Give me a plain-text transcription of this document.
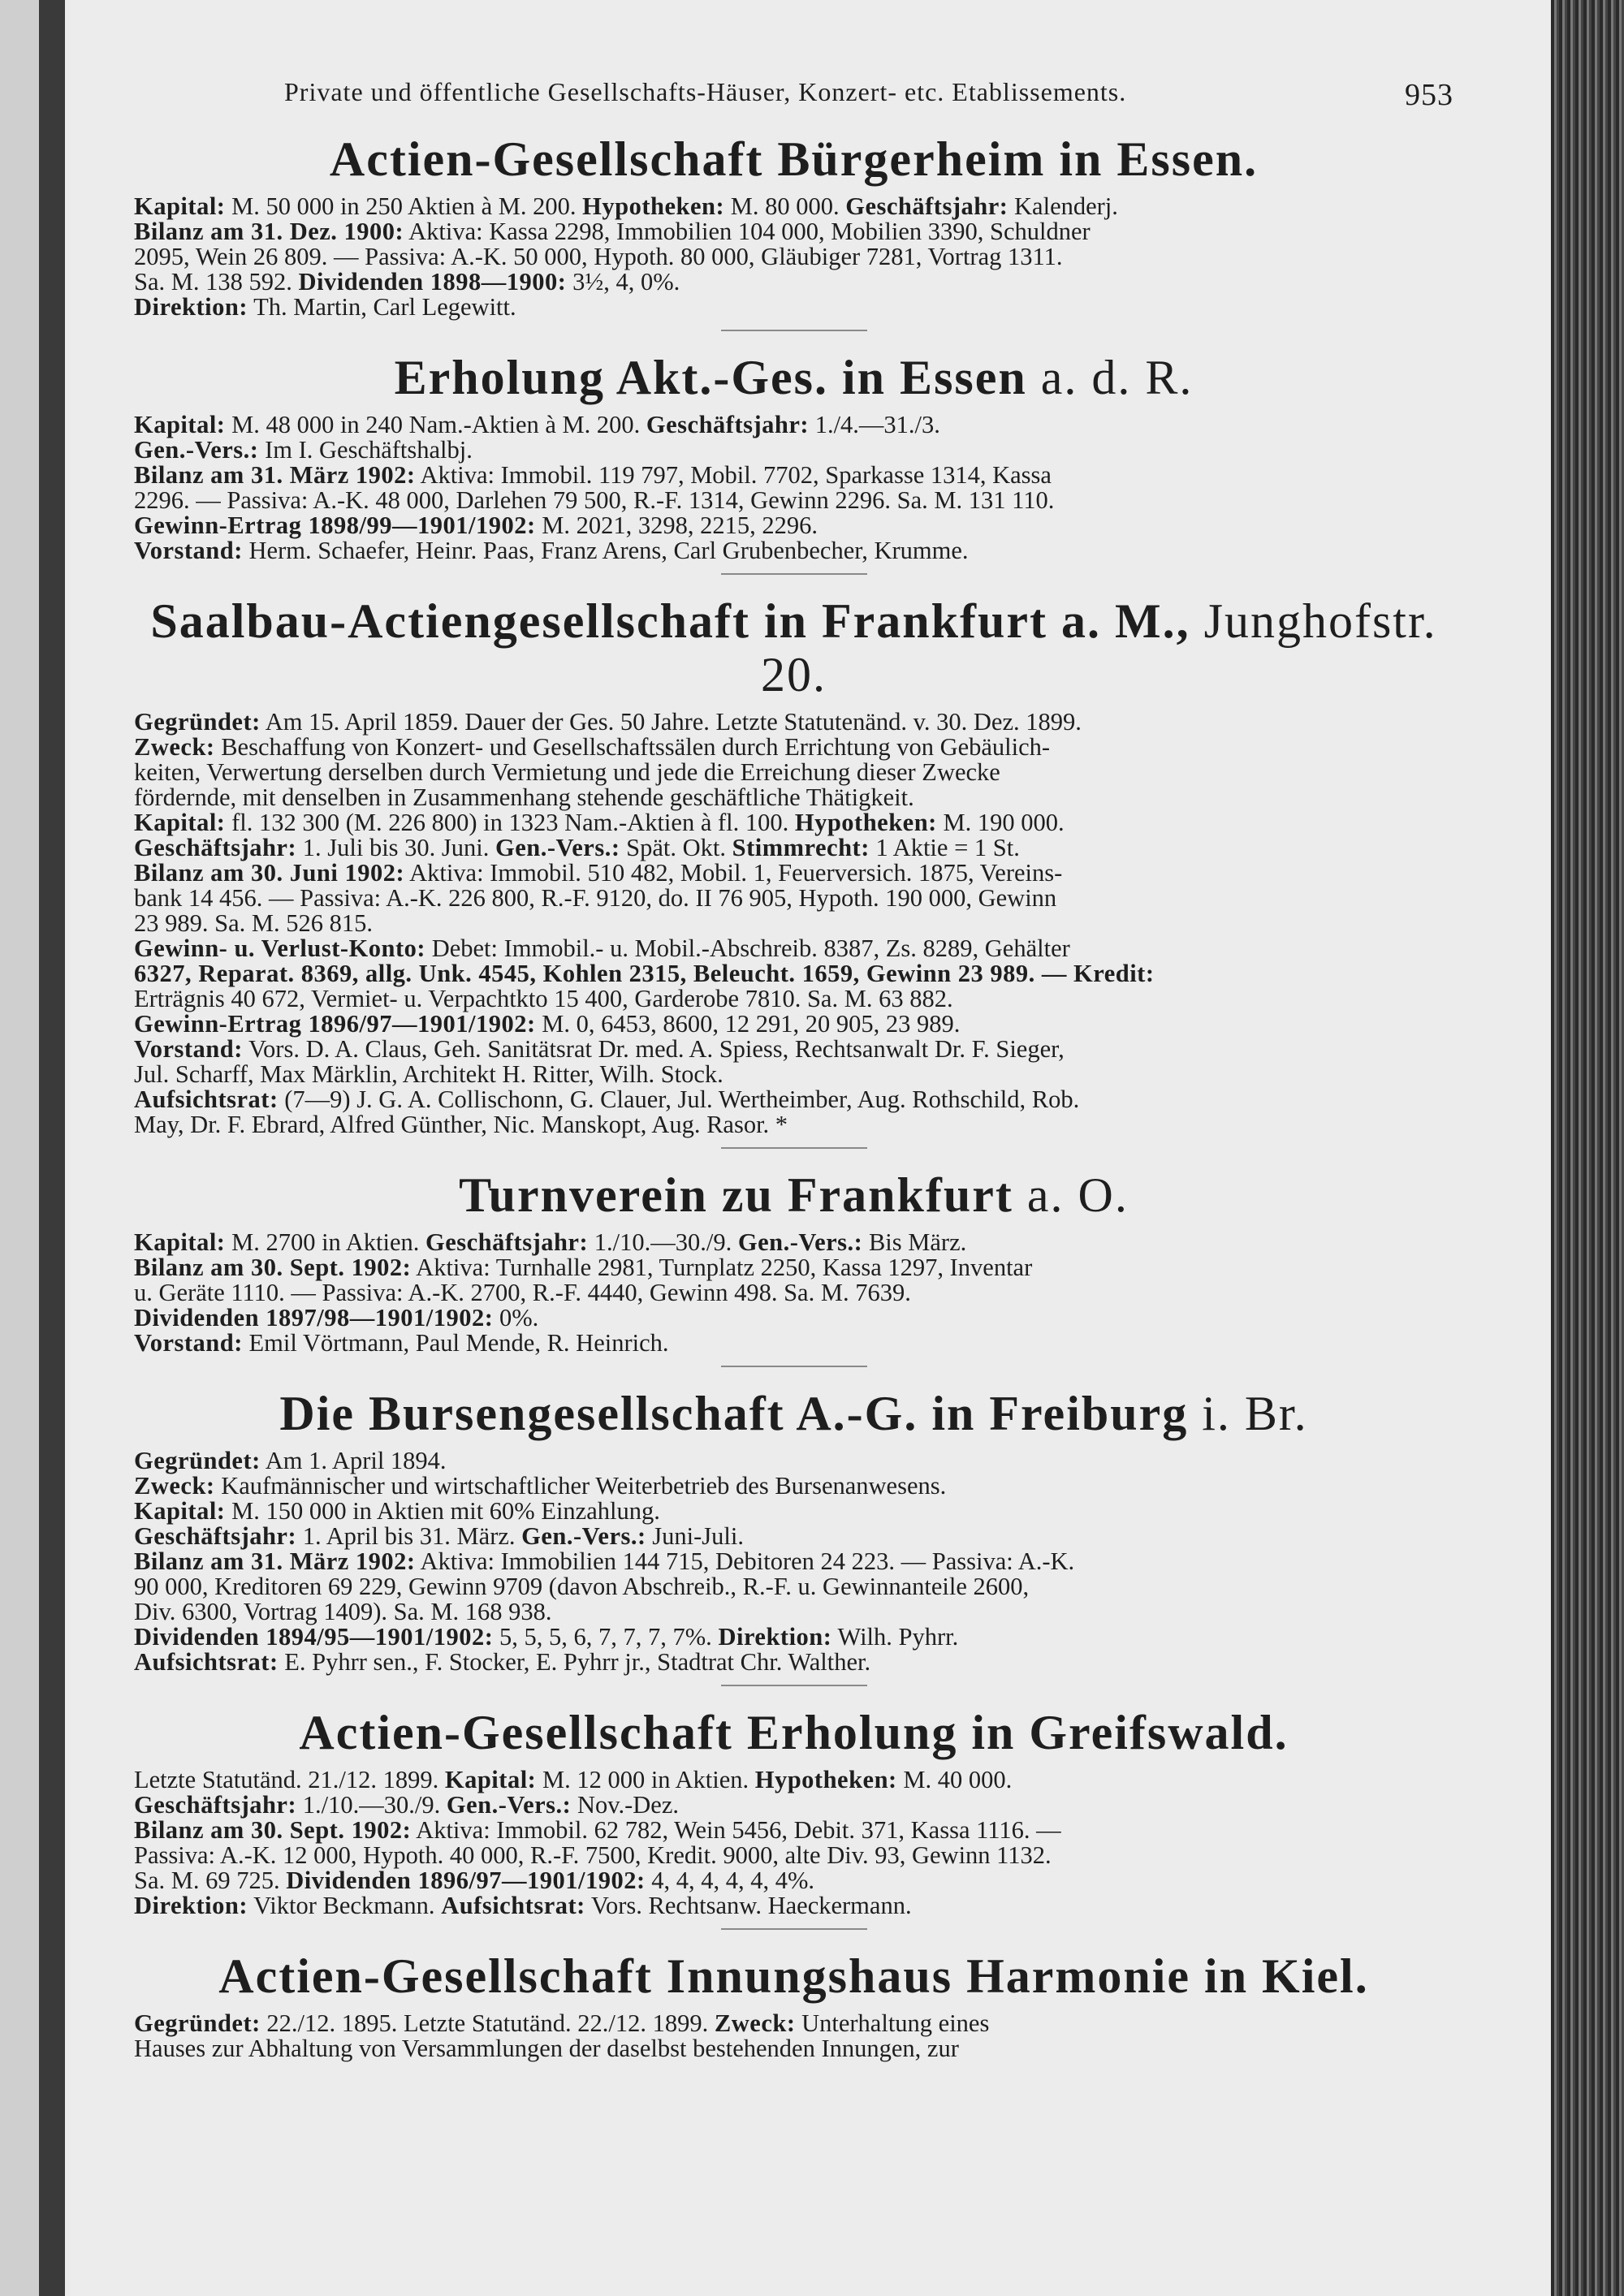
Private und öffentliche Gesellschafts-Häuser, Konzert- etc. Etablissements.	953
Actien-Gesellschaft Bürgerheim in Essen.
Kapital: M. 50 000 in 250 Aktien à M. 200. Hypotheken: M. 80 000. Geschäftsjahr: Kalenderj.
Bilanz am 31. Dez. 1900: Aktiva: Kassa 2298, Immobilien 104 000, Mobilien 3390, Schuldner
2095, Wein 26 809. — Passiva: A.-K. 50 000, Hypoth. 80 000, Gläubiger 7281, Vortrag 1311.
Sa. M. 138 592. Dividenden 1898—1900: 3½, 4, 0%.
Direktion: Th. Martin, Carl Legewitt.
Erholung Akt.-Ges. in Essen a. d. R.
Kapital: M. 48 000 in 240 Nam.-Aktien à M. 200. Geschäftsjahr: 1./4.—31./3.
Gen.-Vers.: Im I. Geschäftshalbj.
Bilanz am 31. März 1902: Aktiva: Immobil. 119 797, Mobil. 7702, Sparkasse 1314, Kassa
2296. — Passiva: A.-K. 48 000, Darlehen 79 500, R.-F. 1314, Gewinn 2296. Sa. M. 131 110.
Gewinn-Ertrag 1898/99—1901/1902: M. 2021, 3298, 2215, 2296.
Vorstand: Herm. Schaefer, Heinr. Paas, Franz Arens, Carl Grubenbecher, Krumme.
Saalbau-Actiengesellschaft in Frankfurt a. M., Junghofstr. 20.
Gegründet: Am 15. April 1859. Dauer der Ges. 50 Jahre. Letzte Statutenänd. v. 30. Dez. 1899.
Zweck: Beschaffung von Konzert- und Gesellschaftssälen durch Errichtung von Gebäulich-
keiten, Verwertung derselben durch Vermietung und jede die Erreichung dieser Zwecke
fördernde, mit denselben in Zusammenhang stehende geschäftliche Thätigkeit.
Kapital: fl. 132 300 (M. 226 800) in 1323 Nam.-Aktien à fl. 100. Hypotheken: M. 190 000.
Geschäftsjahr: 1. Juli bis 30. Juni. Gen.-Vers.: Spät. Okt. Stimmrecht: 1 Aktie = 1 St.
Bilanz am 30. Juni 1902: Aktiva: Immobil. 510 482, Mobil. 1, Feuerversich. 1875, Vereins-
bank 14 456. — Passiva: A.-K. 226 800, R.-F. 9120, do. II 76 905, Hypoth. 190 000, Gewinn
23 989. Sa. M. 526 815.
Gewinn- u. Verlust-Konto: Debet: Immobil.- u. Mobil.-Abschreib. 8387, Zs. 8289, Gehälter
6327, Reparat. 8369, allg. Unk. 4545, Kohlen 2315, Beleucht. 1659, Gewinn 23 989. — Kredit:
Erträgnis 40 672, Vermiet- u. Verpachtkto 15 400, Garderobe 7810. Sa. M. 63 882.
Gewinn-Ertrag 1896/97—1901/1902: M. 0, 6453, 8600, 12 291, 20 905, 23 989.
Vorstand: Vors. D. A. Claus, Geh. Sanitätsrat Dr. med. A. Spiess, Rechtsanwalt Dr. F. Sieger,
Jul. Scharff, Max Märklin, Architekt H. Ritter, Wilh. Stock.
Aufsichtsrat: (7—9) J. G. A. Collischonn, G. Clauer, Jul. Wertheimber, Aug. Rothschild, Rob.
May, Dr. F. Ebrard, Alfred Günther, Nic. Manskopt, Aug. Rasor. *
Turnverein zu Frankfurt a. O.
Kapital: M. 2700 in Aktien. Geschäftsjahr: 1./10.—30./9. Gen.-Vers.: Bis März.
Bilanz am 30. Sept. 1902: Aktiva: Turnhalle 2981, Turnplatz 2250, Kassa 1297, Inventar
u. Geräte 1110. — Passiva: A.-K. 2700, R.-F. 4440, Gewinn 498. Sa. M. 7639.
Dividenden 1897/98—1901/1902: 0%.
Vorstand: Emil Vörtmann, Paul Mende, R. Heinrich.
Die Bursengesellschaft A.-G. in Freiburg i. Br.
Gegründet: Am 1. April 1894.
Zweck: Kaufmännischer und wirtschaftlicher Weiterbetrieb des Bursenanwesens.
Kapital: M. 150 000 in Aktien mit 60% Einzahlung.
Geschäftsjahr: 1. April bis 31. März. Gen.-Vers.: Juni-Juli.
Bilanz am 31. März 1902: Aktiva: Immobilien 144 715, Debitoren 24 223. — Passiva: A.-K.
90 000, Kreditoren 69 229, Gewinn 9709 (davon Abschreib., R.-F. u. Gewinnanteile 2600,
Div. 6300, Vortrag 1409). Sa. M. 168 938.
Dividenden 1894/95—1901/1902: 5, 5, 5, 6, 7, 7, 7, 7%. Direktion: Wilh. Pyhrr.
Aufsichtsrat: E. Pyhrr sen., F. Stocker, E. Pyhrr jr., Stadtrat Chr. Walther.
Actien-Gesellschaft Erholung in Greifswald.
Letzte Statutänd. 21./12. 1899. Kapital: M. 12 000 in Aktien. Hypotheken: M. 40 000.
Geschäftsjahr: 1./10.—30./9. Gen.-Vers.: Nov.-Dez.
Bilanz am 30. Sept. 1902: Aktiva: Immobil. 62 782, Wein 5456, Debit. 371, Kassa 1116. —
Passiva: A.-K. 12 000, Hypoth. 40 000, R.-F. 7500, Kredit. 9000, alte Div. 93, Gewinn 1132.
Sa. M. 69 725. Dividenden 1896/97—1901/1902: 4, 4, 4, 4, 4, 4%.
Direktion: Viktor Beckmann. Aufsichtsrat: Vors. Rechtsanw. Haeckermann.
Actien-Gesellschaft Innungshaus Harmonie in Kiel.
Gegründet: 22./12. 1895. Letzte Statutänd. 22./12. 1899. Zweck: Unterhaltung eines
Hauses zur Abhaltung von Versammlungen der daselbst bestehenden Innungen, zur
